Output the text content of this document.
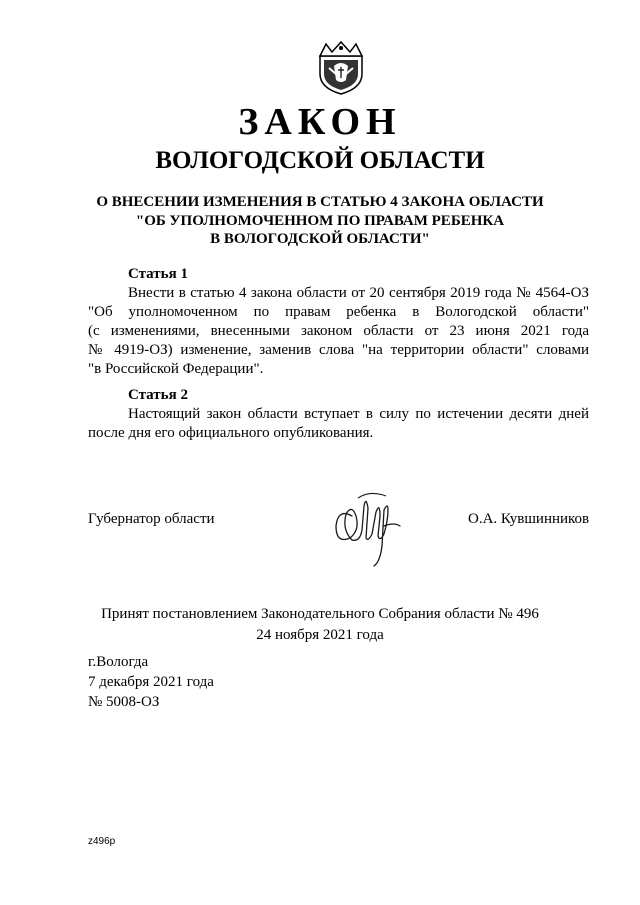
ЗАКОН
ВОЛОГОДСКОЙ ОБЛАСТИ
О ВНЕСЕНИИ ИЗМЕНЕНИЯ В СТАТЬЮ 4 ЗАКОНА ОБЛАСТИ
"ОБ УПОЛНОМОЧЕННОМ ПО ПРАВАМ РЕБЕНКА
В ВОЛОГОДСКОЙ ОБЛАСТИ"
Статья 1
Внести в статью 4 закона области от 20 сентября 2019 года № 4564-ОЗ
"Об уполномоченном по правам ребенка в Вологодской области"
(с изменениями, внесенными законом области от 23 июня 2021 года
№ 4919-ОЗ) изменение, заменив слова "на территории области" словами
"в Российской Федерации".
Статья 2
Настоящий закон области вступает в силу по истечении десяти дней
после дня его официального опубликования.
Губернатор области	О.А. Кувшинников
Принят постановлением Законодательного Собрания области № 496
24 ноября 2021 года
г.Вологда
7 декабря 2021 года
№ 5008-ОЗ
z496p
